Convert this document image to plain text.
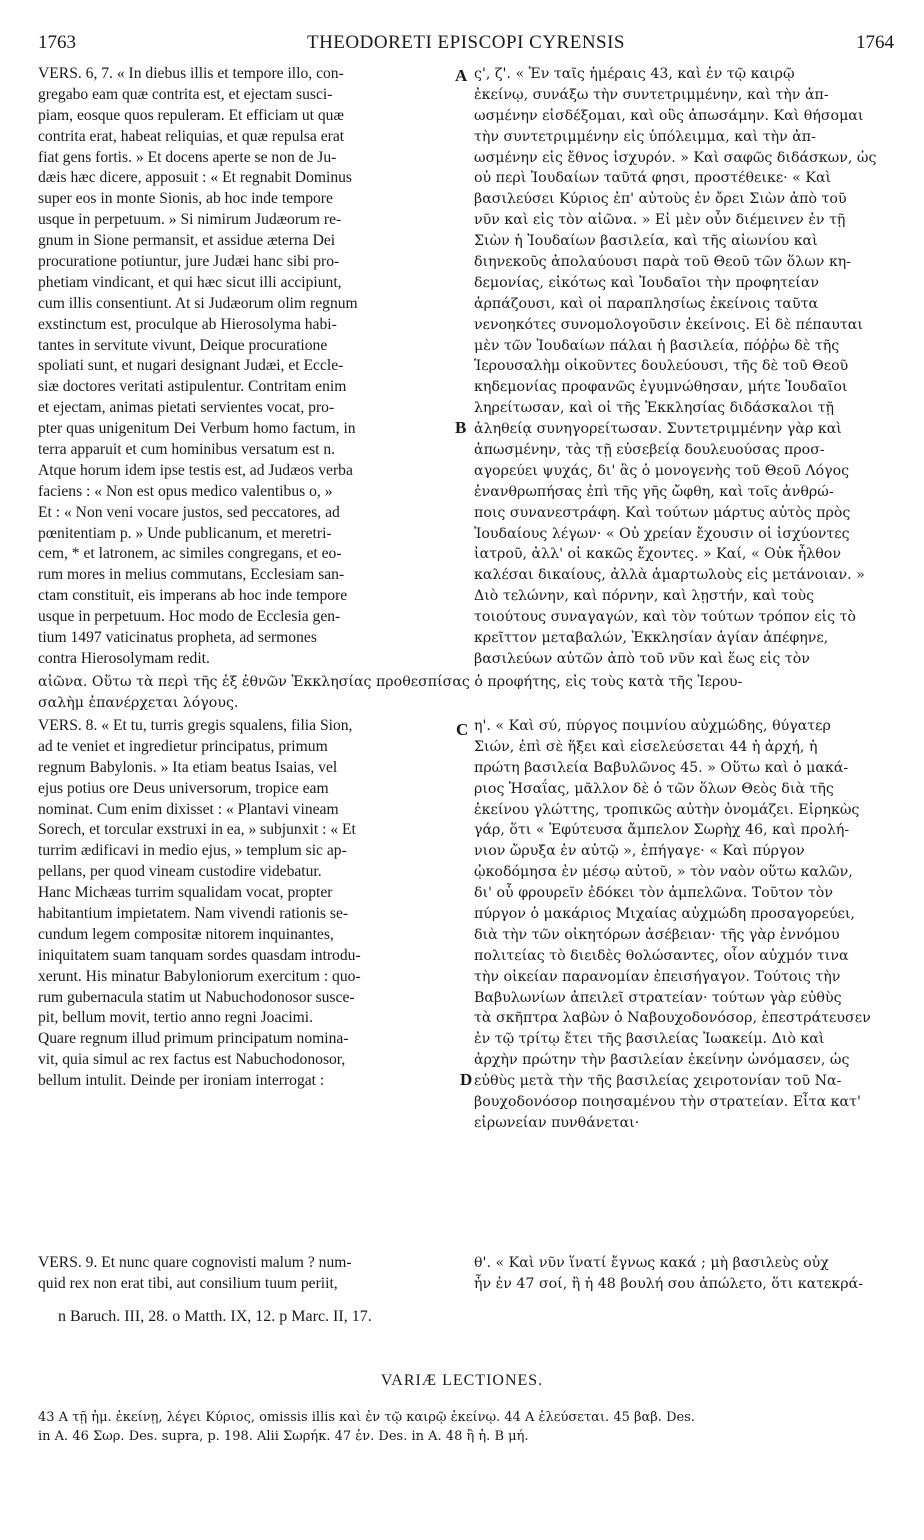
1763	THEODORETI EPISCOPI CYRENSIS	1764
VERS. 6, 7. « In diebus illis et tempore illo, con-
gregabo eam quæ contrita est, et ejectam susci-
piam, eosque quos repuleram. Et efficiam ut quæ
contrita erat, habeat reliquias, et quæ repulsa erat
fiat gens fortis. » Et docens aperte se non de Ju-
dæis hæc dicere, apposuit : « Et regnabit Dominus
super eos in monte Sionis, ab hoc inde tempore
usque in perpetuum. » Si nimirum Judæorum re-
gnum in Sione permansit, et assidue æterna Dei
procuratione potiuntur, jure Judæi hanc sibi pro-
phetiam vindicant, et qui hæc sicut illi accipiunt,
cum illis consentiunt. At si Judæorum olim regnum
exstinctum est, proculque ab Hierosolyma habi-
tantes in servitute vivunt, Deique procuratione
spoliati sunt, et nugari designant Judæi, et Eccle-
siæ doctores veritati astipulentur. Contritam enim
et ejectam, animas pietati servientes vocat, pro-
pter quas unigenitum Dei Verbum homo factum, in
terra apparuit et cum hominibus versatum est n.
Atque horum idem ipse testis est, ad Judæos verba
faciens : « Non est opus medico valentibus o, »
Et : « Non veni vocare justos, sed peccatores, ad
pœnitentiam p. » Unde publicanum, et meretri-
cem, * et latronem, ac similes congregans, et eo-
rum mores in melius commutans, Ecclesiam san-
ctam constituit, eis imperans ab hoc inde tempore
usque in perpetuum. Hoc modo de Ecclesia gen-
tium 1497 vaticinatus propheta, ad sermones
contra Hierosolymam redit.
ς', ζ'. « Ἐν ταῖς ἡμέραις 43, καὶ ἐν τῷ καιρῷ
ἐκείνῳ, συνάξω τὴν συντετριμμένην, καὶ τὴν ἀπ-
ωσμένην εἰσδέξομαι, καὶ οὓς ἀπωσάμην. Καὶ θήσομαι
τὴν συντετριμμένην εἰς ὑπόλειμμα, καὶ τὴν ἀπ-
ωσμένην εἰς ἔθνος ἰσχυρόν. » Καὶ σαφῶς διδάσκων, ὡς
οὐ περὶ Ἰουδαίων ταῦτά φησι, προστέθεικε· « Καὶ
βασιλεύσει Κύριος ἐπ' αὐτοὺς ἐν ὄρει Σιὼν ἀπὸ τοῦ
νῦν καὶ εἰς τὸν αἰῶνα. » Εἰ μὲν οὖν διέμεινεν ἐν τῇ
Σιὼν ἡ Ἰουδαίων βασιλεία, καὶ τῆς αἰωνίου καὶ
διηνεκοῦς ἀπολαύουσι παρὰ τοῦ Θεοῦ τῶν ὅλων κη-
δεμονίας, εἰκότως καὶ Ἰουδαῖοι τὴν προφητείαν
ἁρπάζουσι, καὶ οἱ παραπλησίως ἐκείνοις ταῦτα
νενοηκότες συνομολογοῦσιν ἐκείνοις. Εἰ δὲ πέπαυται
μὲν τῶν Ἰουδαίων πάλαι ἡ βασιλεία, πόῤῥω δὲ τῆς
Ἱερουσαλὴμ οἰκοῦντες δουλεύουσι, τῆς δὲ τοῦ Θεοῦ
κηδεμονίας προφανῶς ἐγυμνώθησαν, μήτε Ἰουδαῖοι
ληρείτωσαν, καὶ οἱ τῆς Ἐκκλησίας διδάσκαλοι τῇ
ἀληθείᾳ συνηγορείτωσαν. Συντετριμμένην γὰρ καὶ
ἀπωσμένην, τὰς τῇ εὐσεβείᾳ δουλευούσας προσ-
αγορεύει ψυχάς, δι' ἃς ὁ μονογενὴς τοῦ Θεοῦ Λόγος
ἐνανθρωπήσας ἐπὶ τῆς γῆς ὤφθη, καὶ τοῖς ἀνθρώ-
ποις συνανεστράφη. Καὶ τούτων μάρτυς αὐτὸς πρὸς
Ἰουδαίους λέγων· « Οὐ χρείαν ἔχουσιν οἱ ἰσχύοντες
ἰατροῦ, ἀλλ' οἱ κακῶς ἔχοντες. » Καί, « Οὐκ ἦλθον
καλέσαι δικαίους, ἀλλὰ ἁμαρτωλοὺς εἰς μετάνοιαν. »
Διὸ τελώνην, καὶ πόρνην, καὶ λῃστήν, καὶ τοὺς
τοιούτους συναγαγών, καὶ τὸν τούτων τρόπον εἰς τὸ
κρεῖττον μεταβαλών, Ἐκκλησίαν ἁγίαν ἀπέφηνε,
βασιλεύων αὐτῶν ἀπὸ τοῦ νῦν καὶ ἕως εἰς τὸν
αἰῶνα. Οὕτω τὰ περὶ τῆς ἐξ ἐθνῶν Ἐκκλησίας προθεσπίσας ὁ προφήτης, εἰς τοὺς κατὰ τῆς Ἱερου-
σαλὴμ ἐπανέρχεται λόγους.
VERS. 8. « Et tu, turris gregis squalens, filia Sion,
ad te veniet et ingredietur principatus, primum
regnum Babylonis. » Ita etiam beatus Isaias, vel
ejus potius ore Deus universorum, tropice eam
nominat. Cum enim dixisset : « Plantavi vineam
Sorech, et torcular exstruxi in ea, » subjunxit : « Et
turrim ædificavi in medio ejus, » templum sic ap-
pellans, per quod vineam custodire videbatur.
Hanc Michæas turrim squalidam vocat, propter
habitantium impietatem. Nam vivendi rationis se-
cundum legem compositæ nitorem inquinantes,
iniquitatem suam tanquam sordes quasdam introdu-
xerunt. His minatur Babyloniorum exercitum : quo-
rum gubernacula statim ut Nabuchodonosor susce-
pit, bellum movit, tertio anno regni Joacimi.
Quare regnum illud primum principatum nomina-
vit, quia simul ac rex factus est Nabuchodonosor,
bellum intulit. Deinde per ironiam interrogat :
η'. « Καὶ σύ, πύργος ποιμνίου αὐχμώδης, θύγατερ
Σιών, ἐπὶ σὲ ἥξει καὶ εἰσελεύσεται 44 ἡ ἀρχή, ἡ
πρώτη βασιλεία Βαβυλῶνος 45. » Οὕτω καὶ ὁ μακά-
ριος Ἡσαΐας, μᾶλλον δὲ ὁ τῶν ὅλων Θεὸς διὰ τῆς
ἐκείνου γλώττης, τροπικῶς αὐτὴν ὀνομάζει. Εἰρηκὼς
γάρ, ὅτι « Ἐφύτευσα ἄμπελον Σωρὴχ 46, καὶ προλή-
νιον ὤρυξα ἐν αὐτῷ », ἐπήγαγε· « Καὶ πύργον
ᾠκοδόμησα ἐν μέσῳ αὐτοῦ, » τὸν ναὸν οὕτω καλῶν,
δι' οὗ φρουρεῖν ἐδόκει τὸν ἀμπελῶνα. Τοῦτον τὸν
πύργον ὁ μακάριος Μιχαίας αὐχμώδη προσαγορεύει,
διὰ τὴν τῶν οἰκητόρων ἀσέβειαν· τῆς γὰρ ἐννόμου
πολιτείας τὸ διειδὲς θολώσαντες, οἷον αὐχμόν τινα
τὴν οἰκείαν παρανομίαν ἐπεισήγαγον. Τούτοις τὴν
Βαβυλωνίων ἀπειλεῖ στρατείαν· τούτων γὰρ εὐθὺς
τὰ σκῆπτρα λαβὼν ὁ Ναβουχοδονόσορ, ἐπεστράτευσεν
ἐν τῷ τρίτῳ ἔτει τῆς βασιλείας Ἰωακείμ. Διὸ καὶ
ἀρχὴν πρώτην τὴν βασιλείαν ἐκείνην ὠνόμασεν, ὡς
εὐθὺς μετὰ τὴν τῆς βασιλείας χειροτονίαν τοῦ Να-
βουχοδονόσορ ποιησαμένου τὴν στρατείαν. Εἶτα κατ'
εἰρωνείαν πυνθάνεται·
VERS. 9. Et nunc quare cognovisti malum ? num-
quid rex non erat tibi, aut consilium tuum periit,
θ'. « Καὶ νῦν ἵνατί ἔγνως κακά ; μὴ βασιλεὺς οὐχ
ἦν ἐν 47 σοί, ἢ ἡ 48 βουλή σου ἀπώλετο, ὅτι κατεκρά-
A
B
C
D
n Baruch. III, 28. o Matth. IX, 12. p Marc. II, 17.
VARIÆ LECTIONES.
43 Α τῇ ἡμ. ἐκείνῃ, λέγει Κύριος, omissis illis καὶ ἐν τῷ καιρῷ ἐκείνῳ. 44 Α ἐλεύσεται. 45 βαβ. Des.
in A. 46 Σωρ. Des. supra, p. 198. Alii Σωρήκ. 47 ἐν. Des. in A. 48 ἢ ἡ. B μή.
